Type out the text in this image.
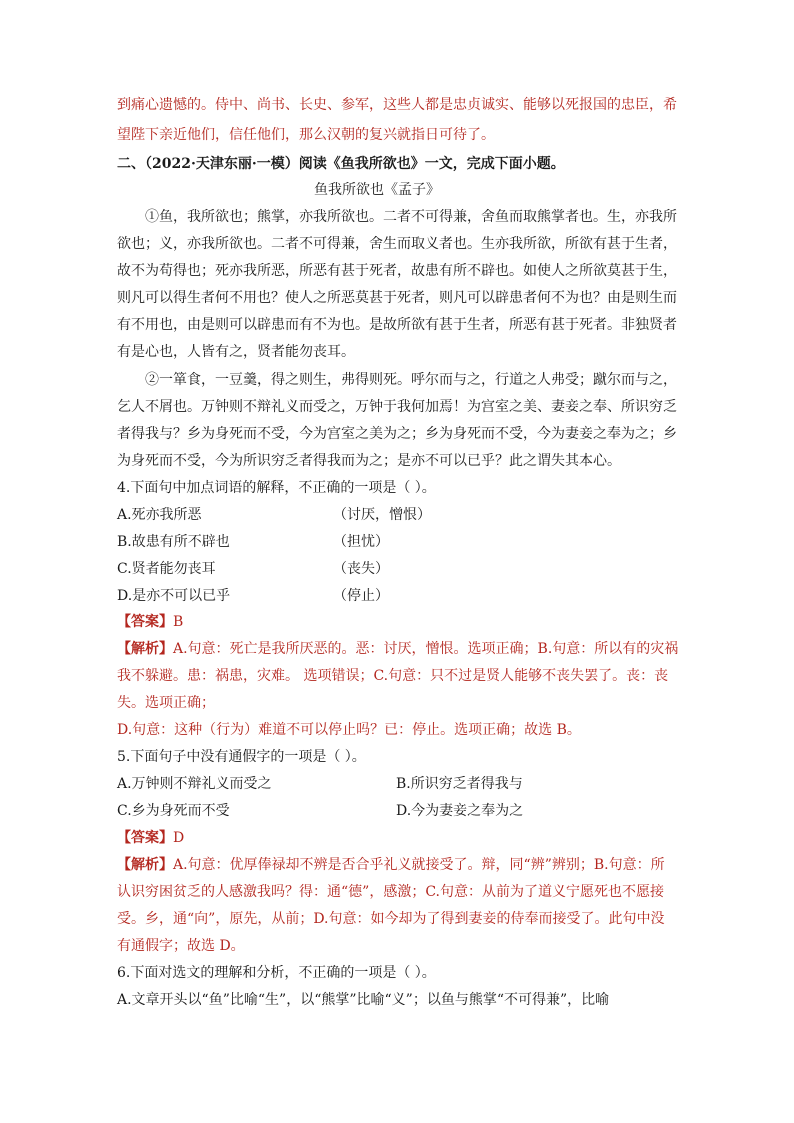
到痛心遗憾的。侍中、尚书、长史、参军，这些人都是忠贞诚实、能够以死报国的忠臣，希
望陛下亲近他们，信任他们，那么汉朝的复兴就指日可待了。
二、（2022·天津东丽·一模）阅读《鱼我所欲也》一文，完成下面小题。
鱼我所欲也《孟子》
①鱼，我所欲也；熊掌，亦我所欲也。二者不可得兼，舍鱼而取熊掌者也。生，亦我所
欲也；义，亦我所欲也。二者不可得兼，舍生而取义者也。生亦我所欲，所欲有甚于生者，
故不为苟得也；死亦我所恶，所恶有甚于死者，故患有所不辟也。如使人之所欲莫甚于生，
则凡可以得生者何不用也？使人之所恶莫甚于死者，则凡可以辟患者何不为也？由是则生而
有不用也，由是则可以辟患而有不为也。是故所欲有甚于生者，所恶有甚于死者。非独贤者
有是心也，人皆有之，贤者能勿丧耳。
②一箪食，一豆羹，得之则生，弗得则死。呼尔而与之，行道之人弗受；蹴尔而与之，
乞人不屑也。万钟则不辩礼义而受之，万钟于我何加焉！为宫室之美、妻妾之奉、所识穷乏
者得我与？乡为身死而不受，今为宫室之美为之；乡为身死而不受，今为妻妾之奉为之；乡
为身死而不受，今为所识穷乏者得我而为之；是亦不可以已乎？此之谓失其本心。
4.下面句中加点词语的解释，不正确的一项是（ ）。
A.死亦我所恶	（讨厌，憎恨）
B.故患有所不辟也	（担忧）
C.贤者能勿丧耳	（丧失）
D.是亦不可以已乎	（停止）
【答案】B
【解析】A.句意：死亡是我所厌恶的。恶：讨厌，憎恨。选项正确；B.句意：所以有的灾祸
我不躲避。患：祸患，灾难。 选项错误；C.句意：只不过是贤人能够不丧失罢了。丧：丧
失。选项正确；
D.句意：这种（行为）难道不可以停止吗？已：停止。选项正确；故选 B。
5.下面句子中没有通假字的一项是（ ）。
A.万钟则不辩礼义而受之	B.所识穷乏者得我与
C.乡为身死而不受	D.今为妻妾之奉为之
【答案】D
【解析】A.句意：优厚俸禄却不辨是否合乎礼义就接受了。辩，同“辨”辨别；B.句意：所
认识穷困贫乏的人感激我吗？得：通“德”，感激；C.句意：从前为了道义宁愿死也不愿接
受。乡，通“向”，原先，从前；D.句意：如今却为了得到妻妾的侍奉而接受了。此句中没
有通假字；故选 D。
6.下面对选文的理解和分析，不正确的一项是（ ）。
A.文章开头以“鱼”比喻“生”，以“熊掌”比喻“义”；以鱼与熊掌“不可得兼”，比喻
